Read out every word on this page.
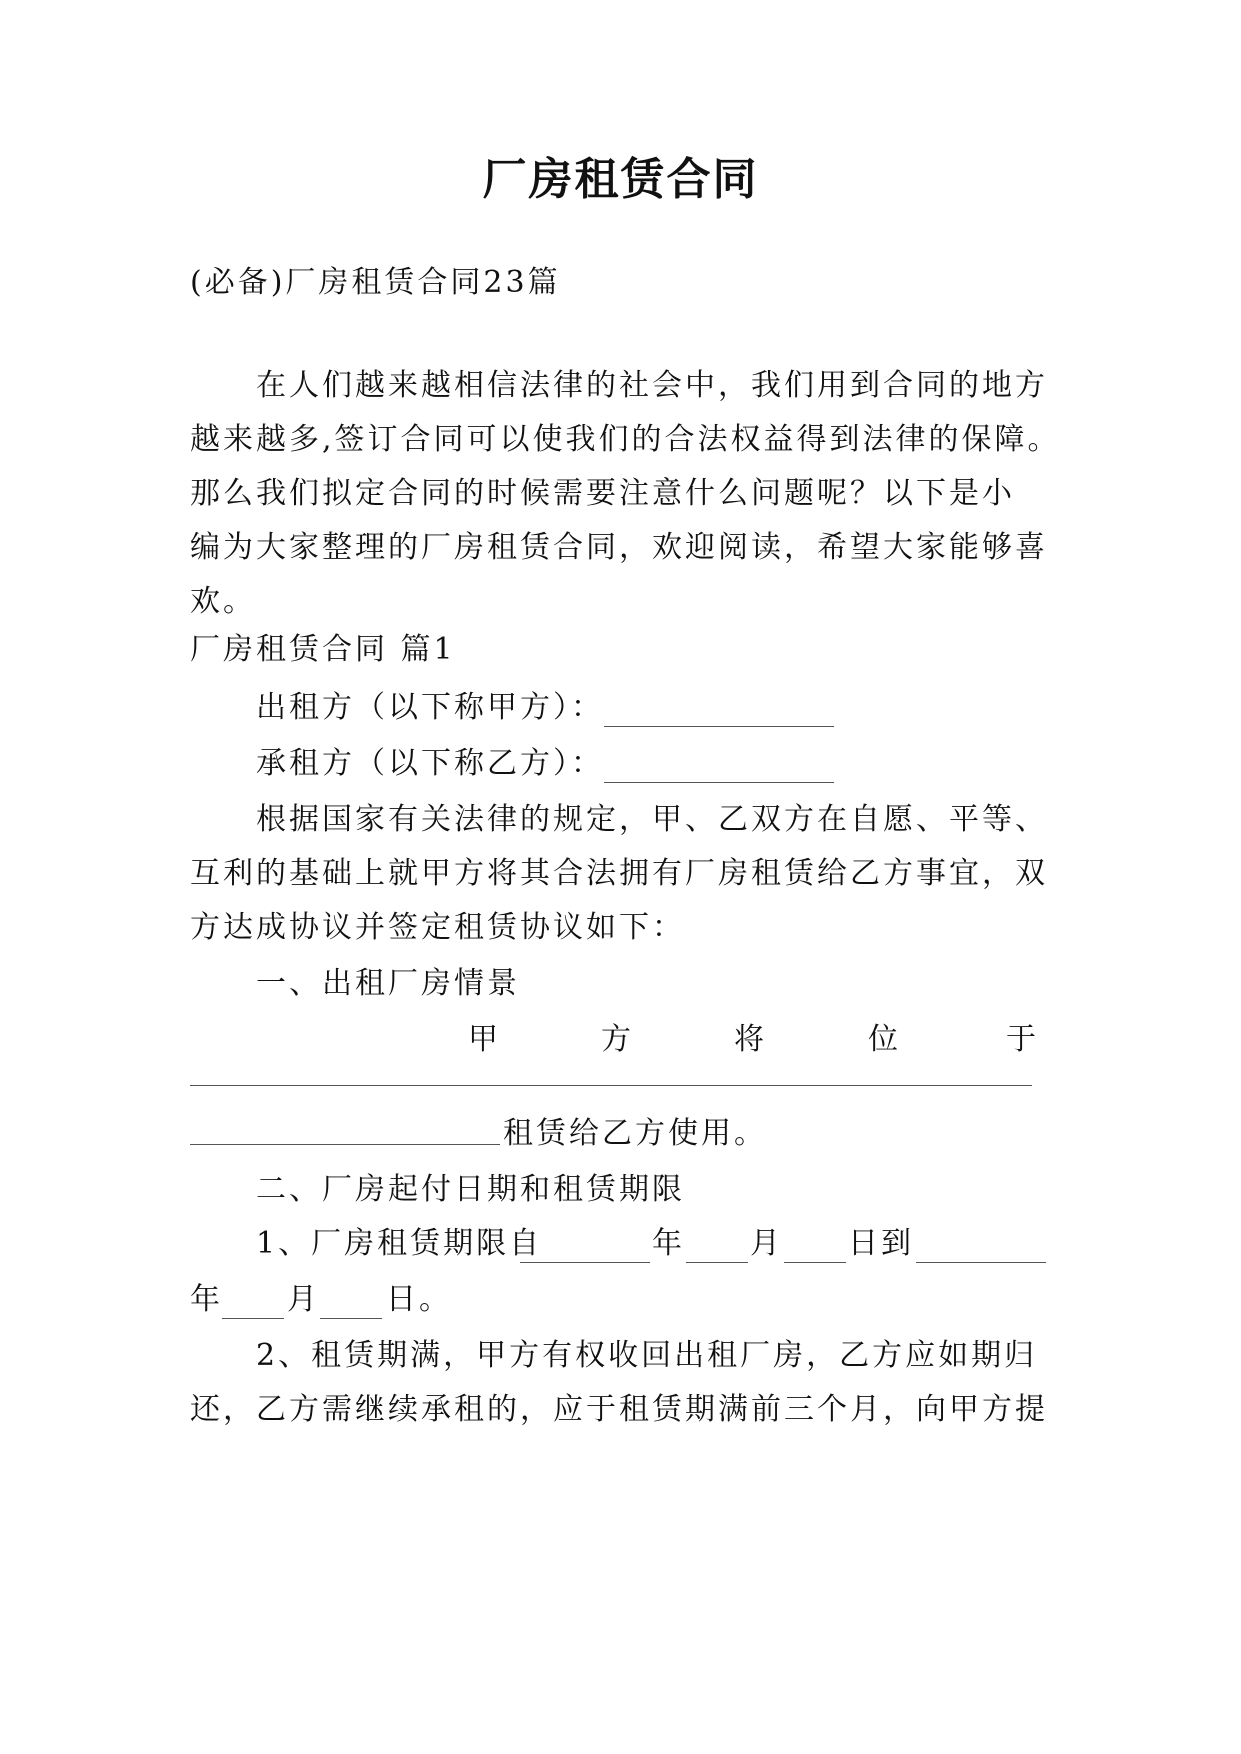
厂房租赁合同
(必备)厂房租赁合同23篇
在人们越来越相信法律的社会中，我们用到合同的地方
越来越多,签订合同可以使我们的合法权益得到法律的保障。
那么我们拟定合同的时候需要注意什么问题呢？以下是小
编为大家整理的厂房租赁合同，欢迎阅读，希望大家能够喜
欢。
厂房租赁合同 篇1
出租方（以下称甲方）：
承租方（以下称乙方）：
根据国家有关法律的规定，甲、乙双方在自愿、平等、
互利的基础上就甲方将其合法拥有厂房租赁给乙方事宜，双
方达成协议并签定租赁协议如下：
一、出租厂房情景
甲	方	将	位	于
租赁给乙方使用。
二、厂房起付日期和租赁期限
1、厂房租赁期限自	年 月 日到
年 月 日。
2、租赁期满，甲方有权收回出租厂房，乙方应如期归
还，乙方需继续承租的，应于租赁期满前三个月，向甲方提
